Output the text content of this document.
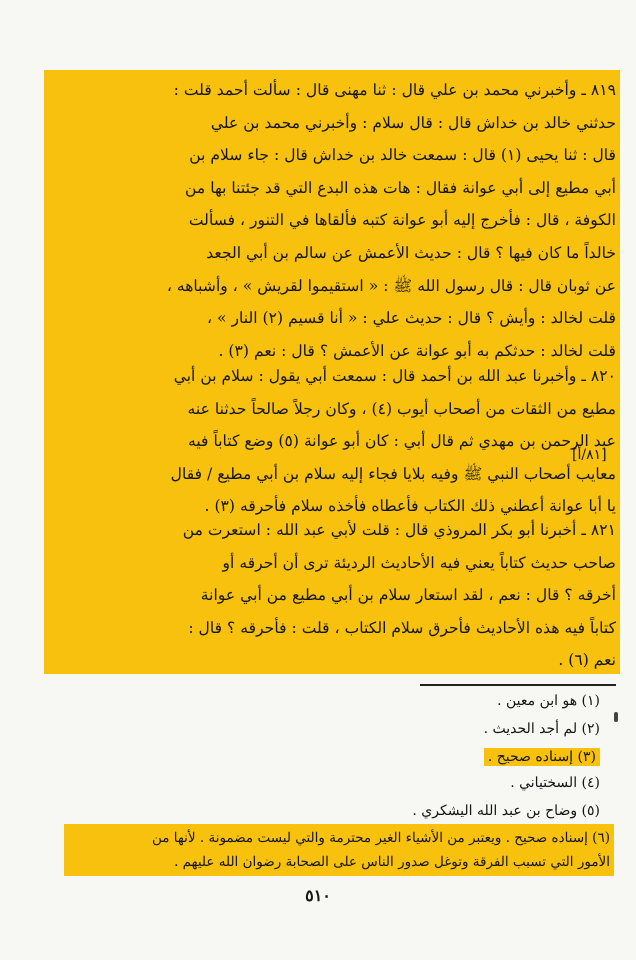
٨١٩ ـ وأخبرني محمد بن علي قال : ثنا مهنى قال : سألت أحمد قلت :
حدثني خالد بن خداش قال : قال سلام : وأخبرني محمد بن علي
قال : ثنا يحيى (١) قال : سمعت خالد بن خداش قال : جاء سلام بن
أبي مطيع إلى أبي عوانة فقال : هات هذه البدع التي قد جئتنا بها من
الكوفة ، قال : فأخرج إليه أبو عوانة كتبه فألقاها في التنور ، فسألت
خالداً ما كان فيها ؟ قال : حديث الأعمش عن سالم بن أبي الجعد
عن ثوبان قال : قال رسول الله ﷺ : « استقيموا لقريش » ، وأشباهه ،
قلت لخالد : وأيش ؟ قال : حديث علي : « أنا قسيم (٢) النار » ،
قلت لخالد : حدثكم به أبو عوانة عن الأعمش ؟ قال : نعم (٣) .

٨٢٠ ـ وأخبرنا عبد الله بن أحمد قال : سمعت أبي يقول : سلام بن أبي
مطيع من الثقات من أصحاب أيوب (٤) ، وكان رجلاً صالحاً حدثنا عنه
عبد الرحمن بن مهدي ثم قال أبي : كان أبو عوانة (٥) وضع كتاباً فيه
معايب أصحاب النبي ﷺ وفيه بلايا فجاء إليه سلام بن أبي مطيع / فقال
يا أبا عوانة أعطني ذلك الكتاب فأعطاه فأخذه سلام فأحرقه (٣) .

[٨١/أ]

٨٢١ ـ أخبرنا أبو بكر المروذي قال : قلت لأبي عبد الله : استعرت من
صاحب حديث كتاباً يعني فيه الأحاديث الرديئة ترى أن أحرقه أو
أخرقه ؟ قال : نعم ، لقد استعار سلام بن أبي مطيع من أبي عوانة
كتاباً فيه هذه الأحاديث فأحرق سلام الكتاب ، قلت : فأحرقه ؟ قال :
نعم (٦) .

(١) هو ابن معين .
(٢) لم أجد الحديث .
(٣) إسناده صحيح .
(٤) السختياني .
(٥) وضاح بن عبد الله اليشكري .
(٦) إسناده صحيح . ويعتبر من الأشياء الغير محترمة والتي ليست مضمونة . لأنها من
الأمور التي تسبب الفرقة وتوغل صدور الناس على الصحابة رضوان الله عليهم .
٥١٠
